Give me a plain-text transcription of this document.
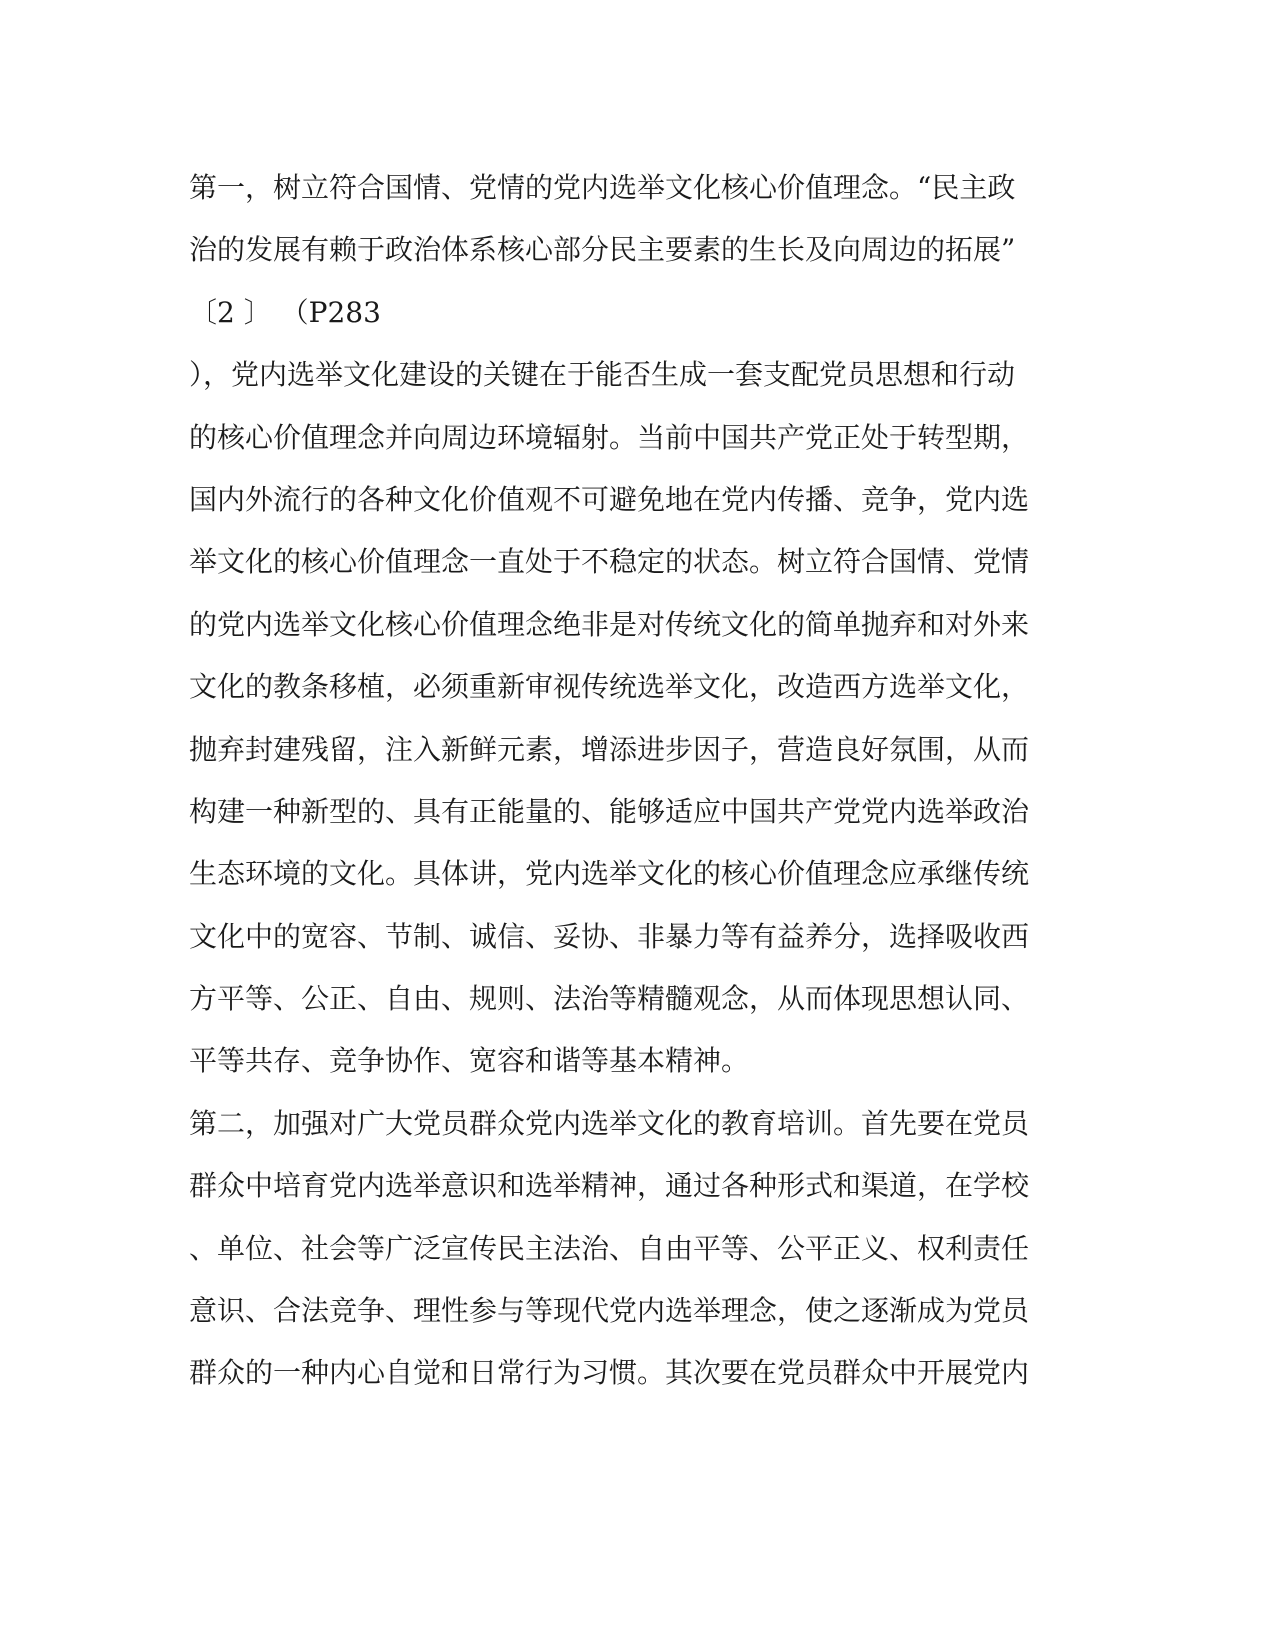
第一，树立符合国情、党情的党内选举文化核心价值理念。“民主政
治的发展有赖于政治体系核心部分民主要素的生长及向周边的拓展”
〔2 〕 （P283
），党内选举文化建设的关键在于能否生成一套支配党员思想和行动
的核心价值理念并向周边环境辐射。当前中国共产党正处于转型期，
国内外流行的各种文化价值观不可避免地在党内传播、竞争，党内选
举文化的核心价值理念一直处于不稳定的状态。树立符合国情、党情
的党内选举文化核心价值理念绝非是对传统文化的简单抛弃和对外来
文化的教条移植，必须重新审视传统选举文化，改造西方选举文化，
抛弃封建残留，注入新鲜元素，增添进步因子，营造良好氛围，从而
构建一种新型的、具有正能量的、能够适应中国共产党党内选举政治
生态环境的文化。具体讲，党内选举文化的核心价值理念应承继传统
文化中的宽容、节制、诚信、妥协、非暴力等有益养分，选择吸收西
方平等、公正、自由、规则、法治等精髓观念，从而体现思想认同、
平等共存、竞争协作、宽容和谐等基本精神。
第二，加强对广大党员群众党内选举文化的教育培训。首先要在党员
群众中培育党内选举意识和选举精神，通过各种形式和渠道，在学校
、单位、社会等广泛宣传民主法治、自由平等、公平正义、权利责任
意识、合法竞争、理性参与等现代党内选举理念，使之逐渐成为党员
群众的一种内心自觉和日常行为习惯。其次要在党员群众中开展党内
